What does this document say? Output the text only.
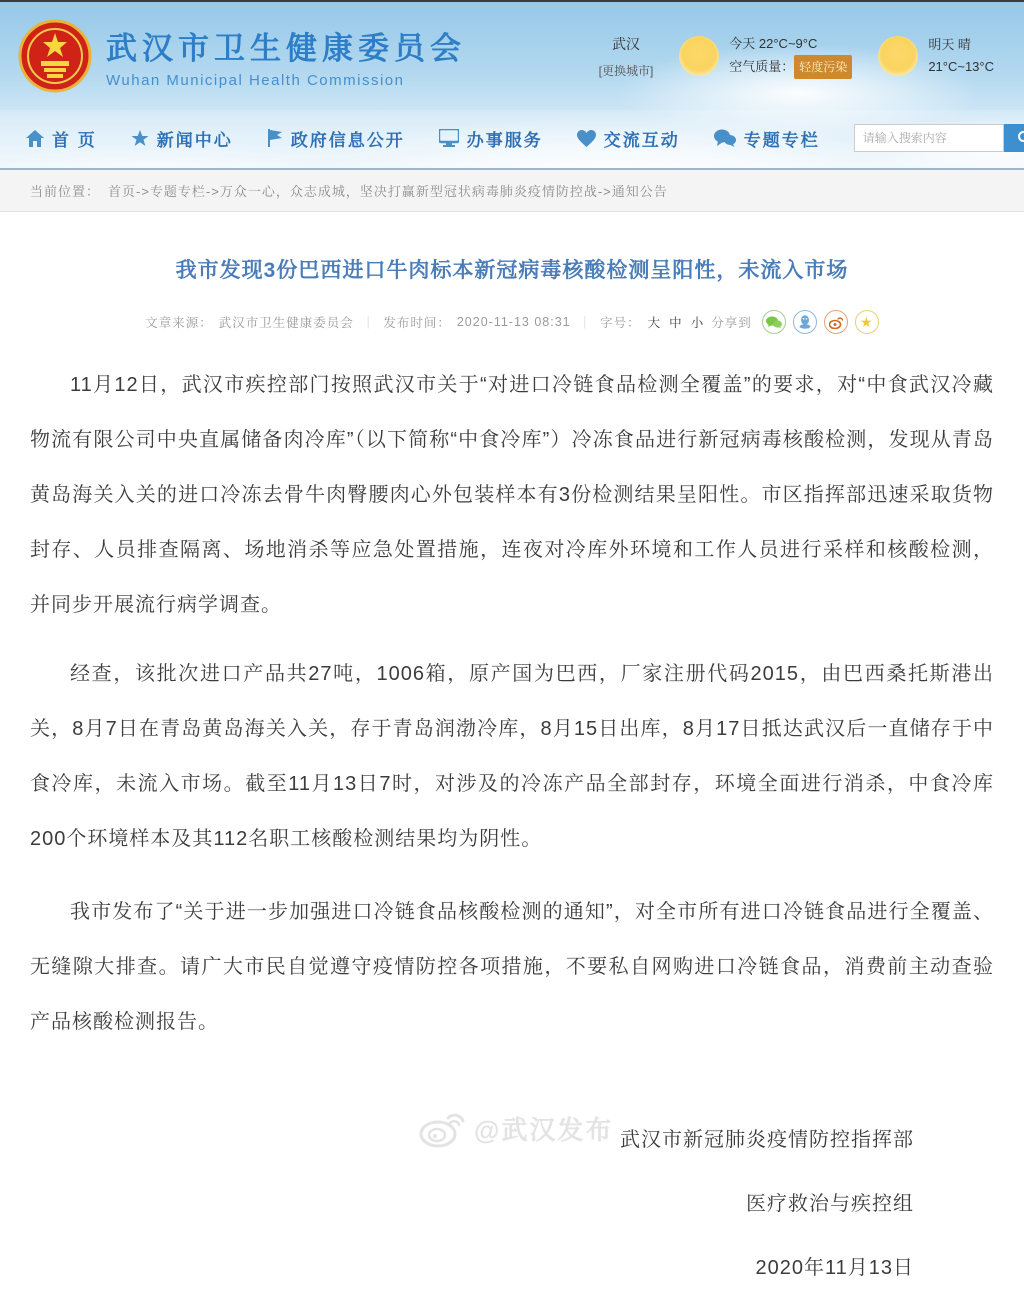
武汉市卫生健康委员会
Wuhan Municipal Health Commission
武汉
[更换城市]
今天 22°C~9°C
空气质量： 轻度污染
明天 晴
21°C~13°C
首 页	新闻中心	政府信息公开	办事服务	交流互动	专题专栏
请输入搜索内容
当前位置： 首页->专题专栏->万众一心，众志成城，坚决打赢新型冠状病毒肺炎疫情防控战->通知公告
我市发现3份巴西进口牛肉标本新冠病毒核酸检测呈阳性，未流入市场
文章来源： 武汉市卫生健康委员会 ｜ 发布时间： 2020-11-13 08:31 ｜ 字号： 大 中 小 分享到	★

11月12日，武汉市疾控部门按照武汉市关于“对进口冷链食品检测全覆盖”的要求，对“中食武汉冷藏物流有限公司中央直属储备肉冷库”（以下简称“中食冷库”）冷冻食品进行新冠病毒核酸检测，发现从青岛黄岛海关入关的进口冷冻去骨牛肉臀腰肉心外包装样本有3份检测结果呈阳性。市区指挥部迅速采取货物封存、人员排查隔离、场地消杀等应急处置措施，连夜对冷库外环境和工作人员进行采样和核酸检测，并同步开展流行病学调查。

经查，该批次进口产品共27吨，1006箱，原产国为巴西，厂家注册代码2015，由巴西桑托斯港出关，8月7日在青岛黄岛海关入关，存于青岛润渤冷库，8月15日出库，8月17日抵达武汉后一直储存于中食冷库，未流入市场。截至11月13日7时，对涉及的冷冻产品全部封存，环境全面进行消杀，中食冷库200个环境样本及其112名职工核酸检测结果均为阴性。

我市发布了“关于进一步加强进口冷链食品核酸检测的通知”，对全市所有进口冷链食品进行全覆盖、无缝隙大排查。请广大市民自觉遵守疫情防控各项措施，不要私自网购进口冷链食品，消费前主动查验产品核酸检测报告。

武汉市新冠肺炎疫情防控指挥部
医疗救治与疾控组
2020年11月13日
@武汉发布
